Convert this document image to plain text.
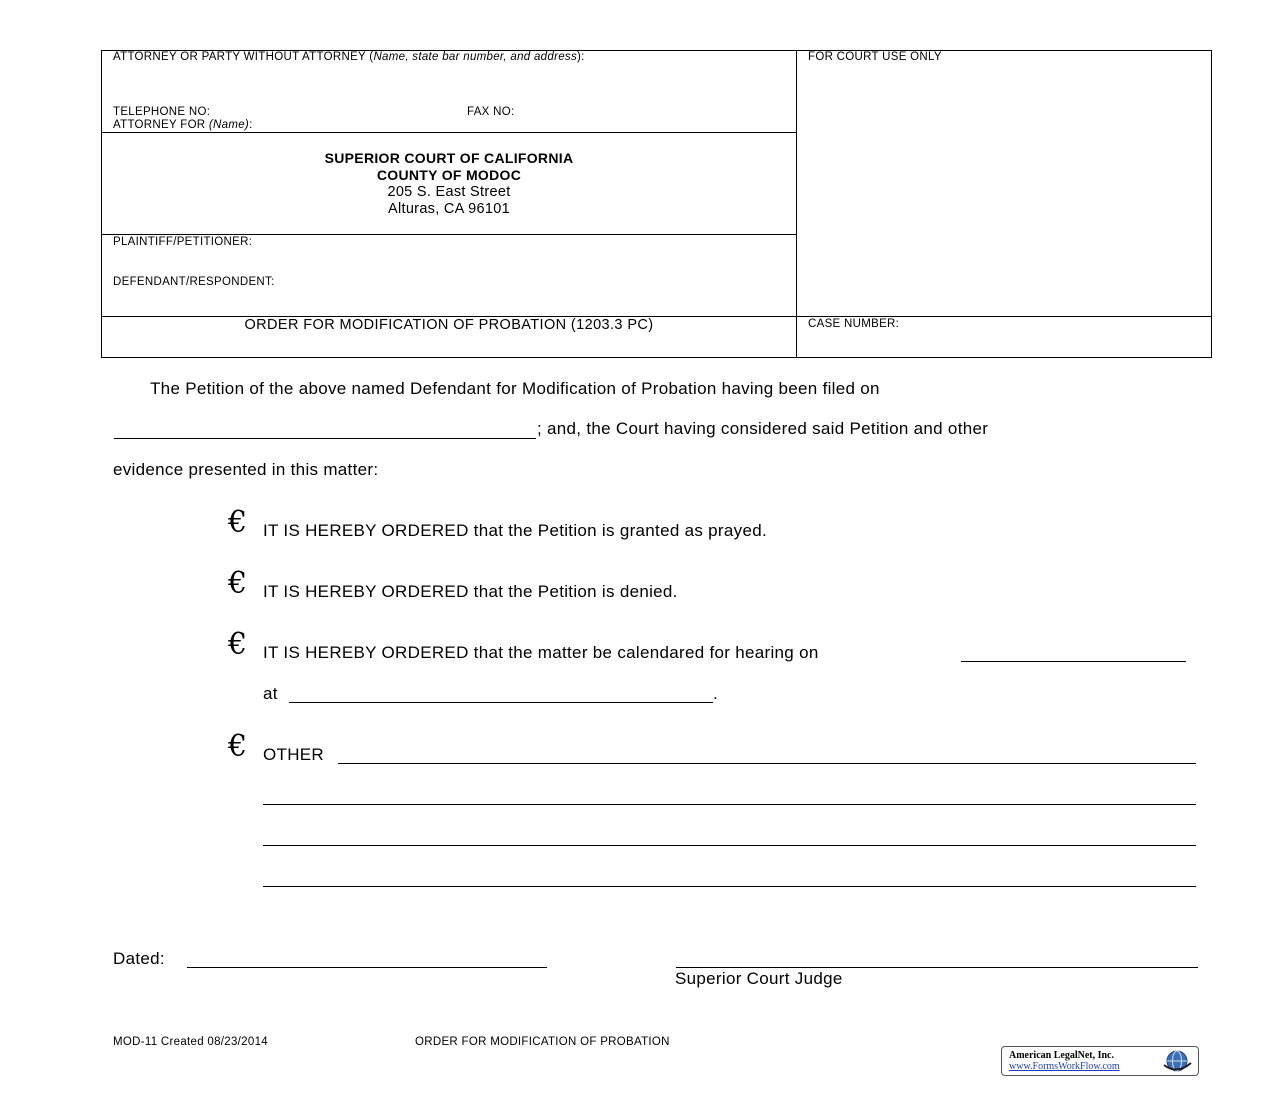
ATTORNEY OR PARTY WITHOUT ATTORNEY (Name, state bar number, and address):	FOR COURT USE ONLY
TELEPHONE NO:	FAX NO:
ATTORNEY FOR (Name):
SUPERIOR COURT OF CALIFORNIA
COUNTY OF MODOC
205 S. East Street
Alturas, CA 96101
PLAINTIFF/PETITIONER:
DEFENDANT/RESPONDENT:
ORDER FOR MODIFICATION OF PROBATION (1203.3 PC)	CASE NUMBER:
The Petition of the above named Defendant for Modification of Probation having been filed on
; and, the Court having considered said Petition and other
evidence presented in this matter:
€ IT IS HEREBY ORDERED that the Petition is granted as prayed.
€ IT IS HEREBY ORDERED that the Petition is denied.
€ IT IS HEREBY ORDERED that the matter be calendared for hearing on
at	.
€ OTHER
Dated:
Superior Court Judge
MOD-11 Created 08/23/2014	ORDER FOR MODIFICATION OF PROBATION
American LegalNet, Inc.
www.FormsWorkFlow.com
